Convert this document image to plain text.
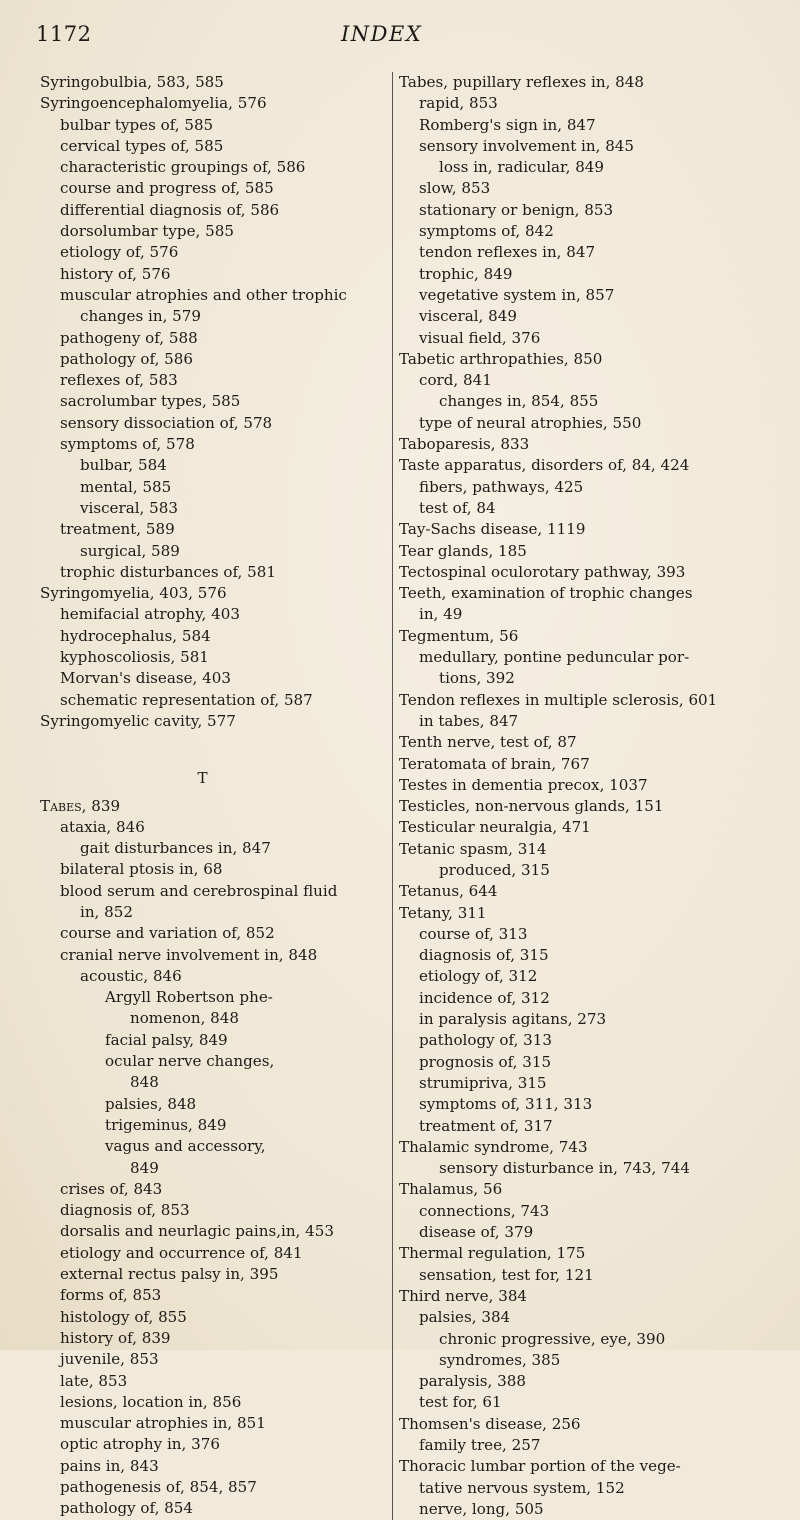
1172	INDEX
Syringobulbia, 583, 585
Syringoencephalomyelia, 576
bulbar types of, 585
cervical types of, 585
characteristic groupings of, 586
course and progress of, 585
differential diagnosis of, 586
dorsolumbar type, 585
etiology of, 576
history of, 576
muscular atrophies and other trophic
changes in, 579
pathogeny of, 588
pathology of, 586
reflexes of, 583
sacrolumbar types, 585
sensory dissociation of, 578
symptoms of, 578
bulbar, 584
mental, 585
visceral, 583
treatment, 589
surgical, 589
trophic disturbances of, 581
Syringomyelia, 403, 576
hemifacial atrophy, 403
hydrocephalus, 584
kyphoscoliosis, 581
Morvan's disease, 403
schematic representation of, 587
Syringomyelic cavity, 577
T
Tabes, 839
ataxia, 846
gait disturbances in, 847
bilateral ptosis in, 68
blood serum and cerebrospinal fluid
in, 852
course and variation of, 852
cranial nerve involvement in, 848
acoustic, 846
Argyll Robertson phe-
nomenon, 848
facial palsy, 849
ocular nerve changes,
848
palsies, 848
trigeminus, 849
vagus and accessory,
849
crises of, 843
diagnosis of, 853
dorsalis and neurlagic pains,in, 453
etiology and occurrence of, 841
external rectus palsy in, 395
forms of, 853
histology of, 855
history of, 839
juvenile, 853
late, 853
lesions, location in, 856
muscular atrophies in, 851
optic atrophy in, 376
pains in, 843
pathogenesis of, 854, 857
pathology of, 854
Tabes, pupillary reflexes in, 848
rapid, 853
Romberg's sign in, 847
sensory involvement in, 845
loss in, radicular, 849
slow, 853
stationary or benign, 853
symptoms of, 842
tendon reflexes in, 847
trophic, 849
vegetative system in, 857
visceral, 849
visual field, 376
Tabetic arthropathies, 850
cord, 841
changes in, 854, 855
type of neural atrophies, 550
Taboparesis, 833
Taste apparatus, disorders of, 84, 424
fibers, pathways, 425
test of, 84
Tay-Sachs disease, 1119
Tear glands, 185
Tectospinal oculorotary pathway, 393
Teeth, examination of trophic changes
in, 49
Tegmentum, 56
medullary, pontine peduncular por-
tions, 392
Tendon reflexes in multiple sclerosis, 601
in tabes, 847
Tenth nerve, test of, 87
Teratomata of brain, 767
Testes in dementia precox, 1037
Testicles, non-nervous glands, 151
Testicular neuralgia, 471
Tetanic spasm, 314
produced, 315
Tetanus, 644
Tetany, 311
course of, 313
diagnosis of, 315
etiology of, 312
incidence of, 312
in paralysis agitans, 273
pathology of, 313
prognosis of, 315
strumipriva, 315
symptoms of, 311, 313
treatment of, 317
Thalamic syndrome, 743
sensory disturbance in, 743, 744
Thalamus, 56
connections, 743
disease of, 379
Thermal regulation, 175
sensation, test for, 121
Third nerve, 384
palsies, 384
chronic progressive, eye, 390
syndromes, 385
paralysis, 388
test for, 61
Thomsen's disease, 256
family tree, 257
Thoracic lumbar portion of the vege-
tative nervous system, 152
nerve, long, 505
